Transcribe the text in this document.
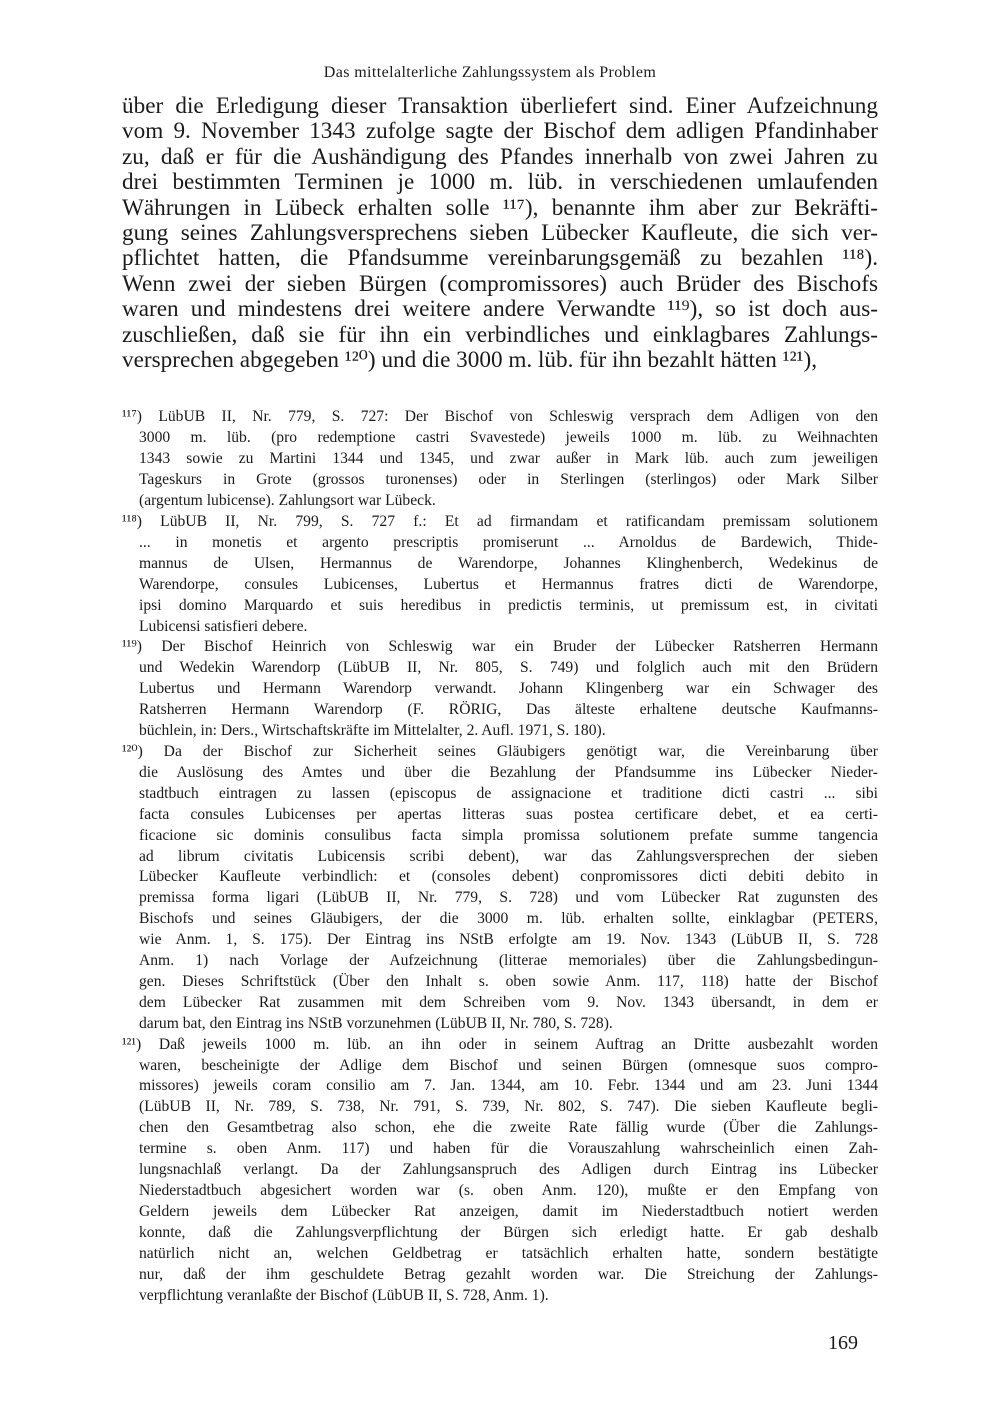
Das mittelalterliche Zahlungssystem als Problem
über die Erledigung dieser Transaktion überliefert sind. Einer Aufzeichnung
vom 9. November 1343 zufolge sagte der Bischof dem adligen Pfandinhaber
zu, daß er für die Aushändigung des Pfandes innerhalb von zwei Jahren zu
drei bestimmten Terminen je 1000 m. lüb. in verschiedenen umlaufenden
Währungen in Lübeck erhalten solle ¹¹⁷), benannte ihm aber zur Bekräfti-
gung seines Zahlungsversprechens sieben Lübecker Kaufleute, die sich ver-
pflichtet hatten, die Pfandsumme vereinbarungsgemäß zu bezahlen ¹¹⁸).
Wenn zwei der sieben Bürgen (compromissores) auch Brüder des Bischofs
waren und mindestens drei weitere andere Verwandte ¹¹⁹), so ist doch aus-
zuschließen, daß sie für ihn ein verbindliches und einklagbares Zahlungs-
versprechen abgegeben ¹²⁰) und die 3000 m. lüb. für ihn bezahlt hätten ¹²¹),
¹¹⁷) LübUB II, Nr. 779, S. 727: Der Bischof von Schleswig versprach dem Adligen von den
3000 m. lüb. (pro redemptione castri Svavestede) jeweils 1000 m. lüb. zu Weihnachten
1343 sowie zu Martini 1344 und 1345, und zwar außer in Mark lüb. auch zum jeweiligen
Tageskurs in Grote (grossos turonenses) oder in Sterlingen (sterlingos) oder Mark Silber
(argentum lubicense). Zahlungsort war Lübeck.
¹¹⁸) LübUB II, Nr. 799, S. 727 f.: Et ad firmandam et ratificandam premissam solutionem
... in monetis et argento prescriptis promiserunt ... Arnoldus de Bardewich, Thide-
mannus de Ulsen, Hermannus de Warendorpe, Johannes Klinghenberch, Wedekinus de
Warendorpe, consules Lubicenses, Lubertus et Hermannus fratres dicti de Warendorpe,
ipsi domino Marquardo et suis heredibus in predictis terminis, ut premissum est, in civitati
Lubicensi satisfieri debere.
¹¹⁹) Der Bischof Heinrich von Schleswig war ein Bruder der Lübecker Ratsherren Hermann
und Wedekin Warendorp (LübUB II, Nr. 805, S. 749) und folglich auch mit den Brüdern
Lubertus und Hermann Warendorp verwandt. Johann Klingenberg war ein Schwager des
Ratsherren Hermann Warendorp (F. RÖRIG, Das älteste erhaltene deutsche Kaufmanns-
büchlein, in: Ders., Wirtschaftskräfte im Mittelalter, 2. Aufl. 1971, S. 180).
¹²⁰) Da der Bischof zur Sicherheit seines Gläubigers genötigt war, die Vereinbarung über
die Auslösung des Amtes und über die Bezahlung der Pfandsumme ins Lübecker Nieder-
stadtbuch eintragen zu lassen (episcopus de assignacione et traditione dicti castri ... sibi
facta consules Lubicenses per apertas litteras suas postea certificare debet, et ea certi-
ficacione sic dominis consulibus facta simpla promissa solutionem prefate summe tangencia
ad librum civitatis Lubicensis scribi debent), war das Zahlungsversprechen der sieben
Lübecker Kaufleute verbindlich: et (consoles debent) conpromissores dicti debiti debito in
premissa forma ligari (LübUB II, Nr. 779, S. 728) und vom Lübecker Rat zugunsten des
Bischofs und seines Gläubigers, der die 3000 m. lüb. erhalten sollte, einklagbar (PETERS,
wie Anm. 1, S. 175). Der Eintrag ins NStB erfolgte am 19. Nov. 1343 (LübUB II, S. 728
Anm. 1) nach Vorlage der Aufzeichnung (litterae memoriales) über die Zahlungsbedingun-
gen. Dieses Schriftstück (Über den Inhalt s. oben sowie Anm. 117, 118) hatte der Bischof
dem Lübecker Rat zusammen mit dem Schreiben vom 9. Nov. 1343 übersandt, in dem er
darum bat, den Eintrag ins NStB vorzunehmen (LübUB II, Nr. 780, S. 728).
¹²¹) Daß jeweils 1000 m. lüb. an ihn oder in seinem Auftrag an Dritte ausbezahlt worden
waren, bescheinigte der Adlige dem Bischof und seinen Bürgen (omnesque suos compro-
missores) jeweils coram consilio am 7. Jan. 1344, am 10. Febr. 1344 und am 23. Juni 1344
(LübUB II, Nr. 789, S. 738, Nr. 791, S. 739, Nr. 802, S. 747). Die sieben Kaufleute begli-
chen den Gesamtbetrag also schon, ehe die zweite Rate fällig wurde (Über die Zahlungs-
termine s. oben Anm. 117) und haben für die Vorauszahlung wahrscheinlich einen Zah-
lungsnachlaß verlangt. Da der Zahlungsanspruch des Adligen durch Eintrag ins Lübecker
Niederstadtbuch abgesichert worden war (s. oben Anm. 120), mußte er den Empfang von
Geldern jeweils dem Lübecker Rat anzeigen, damit im Niederstadtbuch notiert werden
konnte, daß die Zahlungsverpflichtung der Bürgen sich erledigt hatte. Er gab deshalb
natürlich nicht an, welchen Geldbetrag er tatsächlich erhalten hatte, sondern bestätigte
nur, daß der ihm geschuldete Betrag gezahlt worden war. Die Streichung der Zahlungs-
verpflichtung veranlaßte der Bischof (LübUB II, S. 728, Anm. 1).
169
